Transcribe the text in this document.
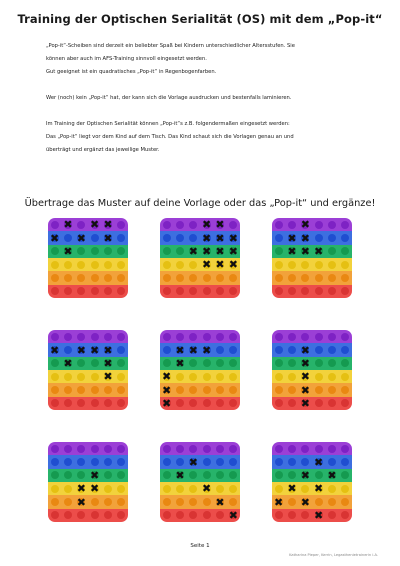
Training der Optischen Serialität (OS) mit dem „Pop-it“

„Pop-it“-Scheiben sind derzeit ein beliebter Spaß bei Kindern unterschiedlicher Altersstufen. Sie
können aber auch im AFS-Training sinnvoll eingesetzt werden.
Gut geeignet ist ein quadratisches „Pop-it“ in Regenbogenfarben.

Wer (noch) kein „Pop-it“ hat, der kann sich die Vorlage ausdrucken und bestenfalls laminieren.

Im Training der Optischen Serialität können „Pop-it“s z.B. folgendermaßen eingesetzt werden:
Das „Pop-it“ liegt vor dem Kind auf dem Tisch. Das Kind schaut sich die Vorlagen genau an und
überträgt und ergänzt das jeweilige Muster.

Übertrage das Muster auf deine Vorlage oder das „Pop-it“ und ergänze!
✖ ✖ ✖
✖ ✖ ✖
✖
✖ ✖
✖ ✖ ✖
✖ ✖ ✖ ✖
✖ ✖ ✖
✖
✖ ✖
✖ ✖ ✖
✖ ✖ ✖ ✖
✖	✖
✖
✖ ✖ ✖
✖
✖
✖
✖
✖
✖
✖
✖
✖
✖
✖ ✖
✖
✖
✖
✖
✖
✖
✖
✖ ✖
✖ ✖
✖ ✖
✖
Seite 1
Katharina Pieper, Kerrin, Legasthenietrainerin i.A.
